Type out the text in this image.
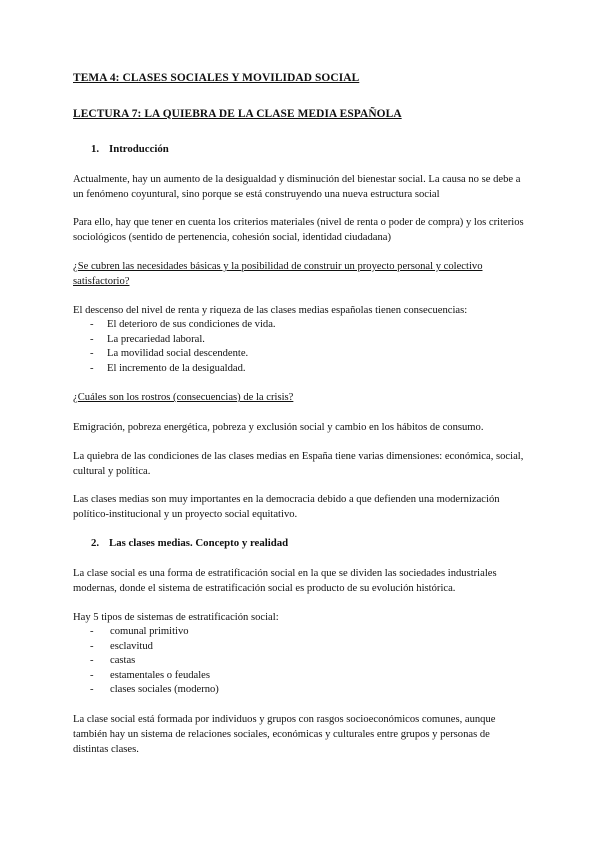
TEMA 4: CLASES SOCIALES Y MOVILIDAD SOCIAL

LECTURA 7: LA QUIEBRA DE LA CLASE MEDIA ESPAÑOLA

1. Introducción

Actualmente, hay un aumento de la desigualdad y disminución del bienestar social. La causa no se debe a un fenómeno coyuntural, sino porque se está construyendo una nueva estructura social

Para ello, hay que tener en cuenta los criterios materiales (nivel de renta o poder de compra) y los criterios sociológicos (sentido de pertenencia, cohesión social, identidad ciudadana)

¿Se cubren las necesidades básicas y la posibilidad de construir un proyecto personal y colectivo satisfactorio?

El descenso del nivel de renta y riqueza de las clases medias españolas tienen consecuencias:

- El deterioro de sus condiciones de vida.
- La precariedad laboral.
- La movilidad social descendente.
- El incremento de la desigualdad.

¿Cuáles son los rostros (consecuencias) de la crisis?

Emigración, pobreza energética, pobreza y exclusión social y cambio en los hábitos de consumo.

La quiebra de las condiciones de las clases medias en España tiene varias dimensiones: económica, social, cultural y política.

Las clases medias son muy importantes en la democracia debido a que defienden una modernización político-institucional y un proyecto social equitativo.

2. Las clases medias. Concepto y realidad

La clase social es una forma de estratificación social en la que se dividen las sociedades industriales modernas, donde el sistema de estratificación social es producto de su evolución histórica.

Hay 5 tipos de sistemas de estratificación social:

- comunal primitivo
- esclavitud
- castas
- estamentales o feudales
- clases sociales (moderno)

La clase social está formada por individuos y grupos con rasgos socioeconómicos comunes, aunque también hay un sistema de relaciones sociales, económicas y culturales entre grupos y personas de distintas clases.
